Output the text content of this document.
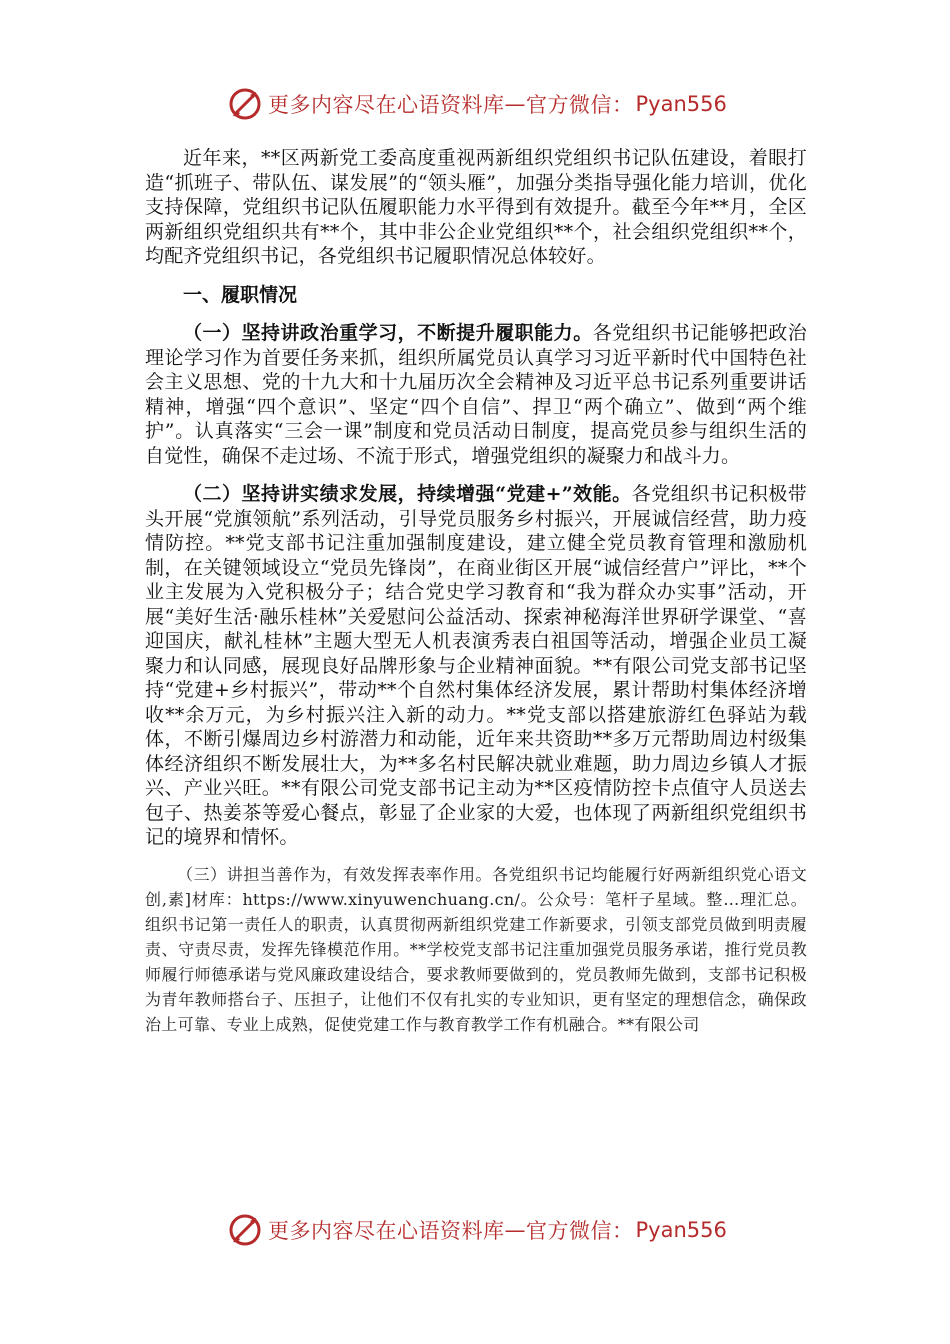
更多内容尽在心语资料库 — 官方微信： Pyan556

近年来，**区两新党工委高度重视两新组织党组织书记队伍建设，着眼打造“抓班子、带队伍、谋发展”的“领头雁”，加强分类指导强化能力培训，优化支持保障，党组织书记队伍履职能力水平得到有效提升。截至今年**月，全区两新组织党组织共有**个，其中非公企业党组织**个，社会组织党组织**个，均配齐党组织书记，各党组织书记履职情况总体较好。

一、履职情况

（一）坚持讲政治重学习，不断提升履职能力。各党组织书记能够把政治理论学习作为首要任务来抓，组织所属党员认真学习习近平新时代中国特色社会主义思想、党的十九大和十九届历次全会精神及习近平总书记系列重要讲话精神，增强“四个意识”、坚定“四个自信”、捍卫“两个确立”、做到“两个维护”。认真落实“三会一课”制度和党员活动日制度，提高党员参与组织生活的自觉性，确保不走过场、不流于形式，增强党组织的凝聚力和战斗力。

（二）坚持讲实绩求发展，持续增强“党建+”效能。各党组织书记积极带头开展“党旗领航”系列活动，引导党员服务乡村振兴，开展诚信经营，助力疫情防控。**党支部书记注重加强制度建设，建立健全党员教育管理和激励机制，在关键领域设立“党员先锋岗”，在商业街区开展“诚信经营户”评比，**个业主发展为入党积极分子；结合党史学习教育和“我为群众办实事”活动，开展“美好生活·融乐桂林”关爱慰问公益活动、探索神秘海洋世界研学课堂、“喜迎国庆，献礼桂林”主题大型无人机表演秀表白祖国等活动，增强企业员工凝聚力和认同感，展现良好品牌形象与企业精神面貌。**有限公司党支部书记坚持“党建+乡村振兴”，带动**个自然村集体经济发展，累计帮助村集体经济增收**余万元，为乡村振兴注入新的动力。**党支部以搭建旅游红色驿站为载体，不断引爆周边乡村游潜力和动能，近年来共资助**多万元帮助周边村级集体经济组织不断发展壮大，为**多名村民解决就业难题，助力周边乡镇人才振兴、产业兴旺。**有限公司党支部书记主动为**区疫情防控卡点值守人员送去包子、热姜茶等爱心餐点，彰显了企业家的大爱，也体现了两新组织党组织书记的境界和情怀。

（三）讲担当善作为，有效发挥表率作用。各党组织书记均能履行好两新组织党心语文创,素]材库：https://www.xinyuwenchuang.cn/。公众号：笔杆子星域。整…理汇总。组织书记第一责任人的职责，认真贯彻两新组织党建工作新要求，引领支部党员做到明责履责、守责尽责，发挥先锋模范作用。**学校党支部书记注重加强党员服务承诺，推行党员教师履行师德承诺与党风廉政建设结合，要求教师要做到的，党员教师先做到，支部书记积极为青年教师搭台子、压担子，让他们不仅有扎实的专业知识，更有坚定的理想信念，确保政治上可靠、专业上成熟，促使党建工作与教育教学工作有机融合。**有限公司

更多内容尽在心语资料库 — 官方微信： Pyan556
